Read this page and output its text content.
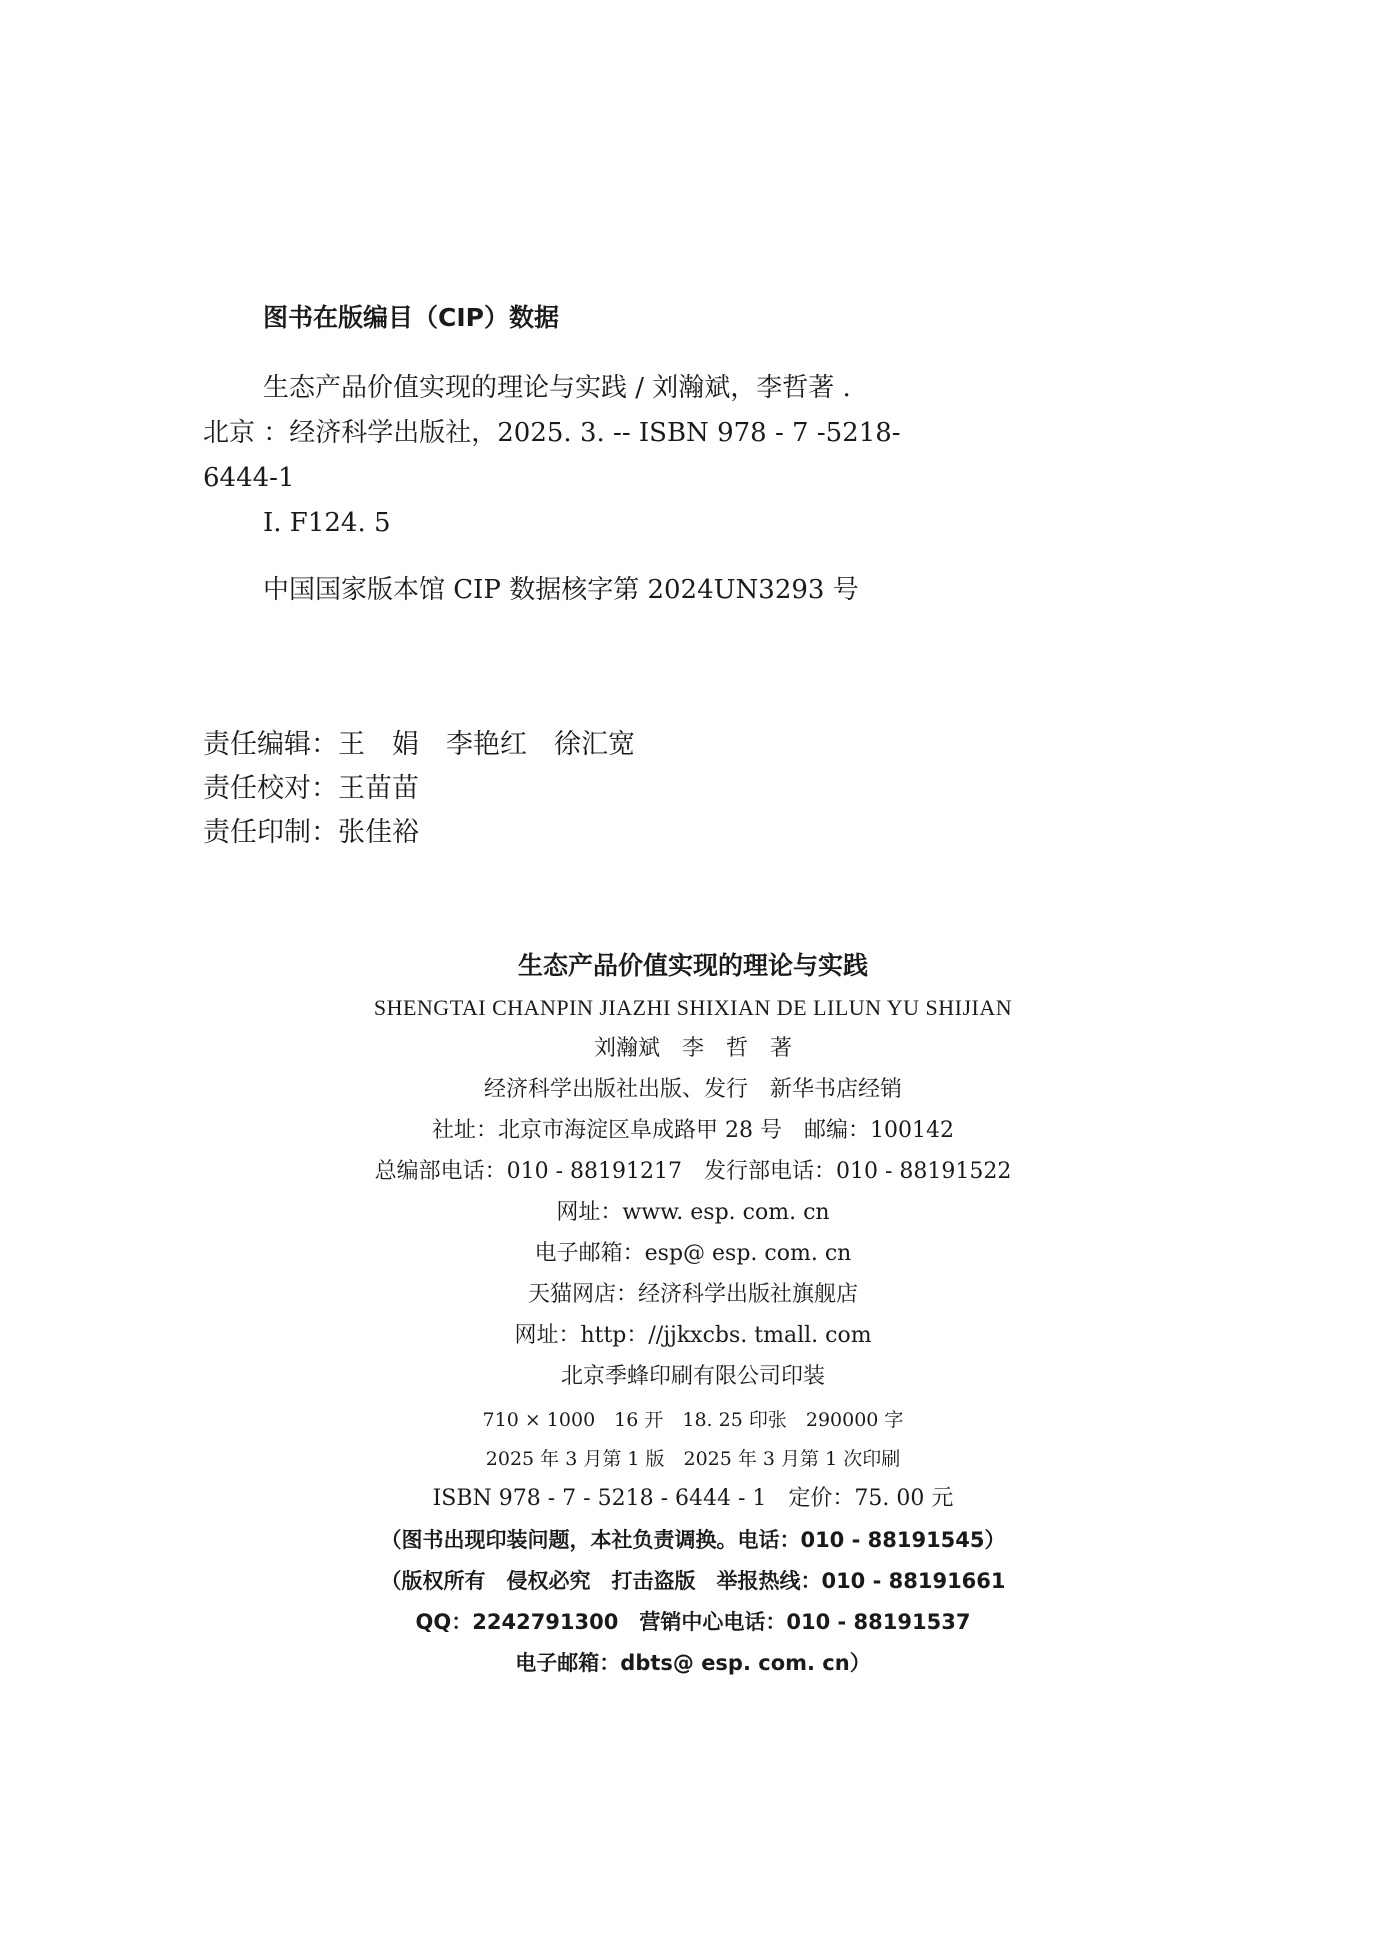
图书在版编目（CIP）数据
生态产品价值实现的理论与实践 / 刘瀚斌，李哲著 .
北京 ：经济科学出版社，2025. 3. -- ISBN 978 - 7 -5218-
6444-1
Ⅰ. F124. 5
中国国家版本馆 CIP 数据核字第 2024UN3293 号
责任编辑：王　娟　李艳红　徐汇宽
责任校对：王苗苗
责任印制：张佳裕
生态产品价值实现的理论与实践
SHENGTAI CHANPIN JIAZHI SHIXIAN DE LILUN YU SHIJIAN
刘瀚斌　李　哲　著
经济科学出版社出版、发行　新华书店经销
社址：北京市海淀区阜成路甲 28 号　邮编：100142
总编部电话：010 - 88191217　发行部电话：010 - 88191522
网址：www. esp. com. cn
电子邮箱：esp@ esp. com. cn
天猫网店：经济科学出版社旗舰店
网址：http：//jjkxcbs. tmall. com
北京季蜂印刷有限公司印装
710 × 1000　16 开　18. 25 印张　290000 字
2025 年 3 月第 1 版　2025 年 3 月第 1 次印刷
ISBN 978 - 7 - 5218 - 6444 - 1　定价：75. 00 元
（图书出现印装问题，本社负责调换。电话：010 - 88191545）
（版权所有　侵权必究　打击盗版　举报热线：010 - 88191661
QQ：2242791300　营销中心电话：010 - 88191537
电子邮箱：dbts@ esp. com. cn）
